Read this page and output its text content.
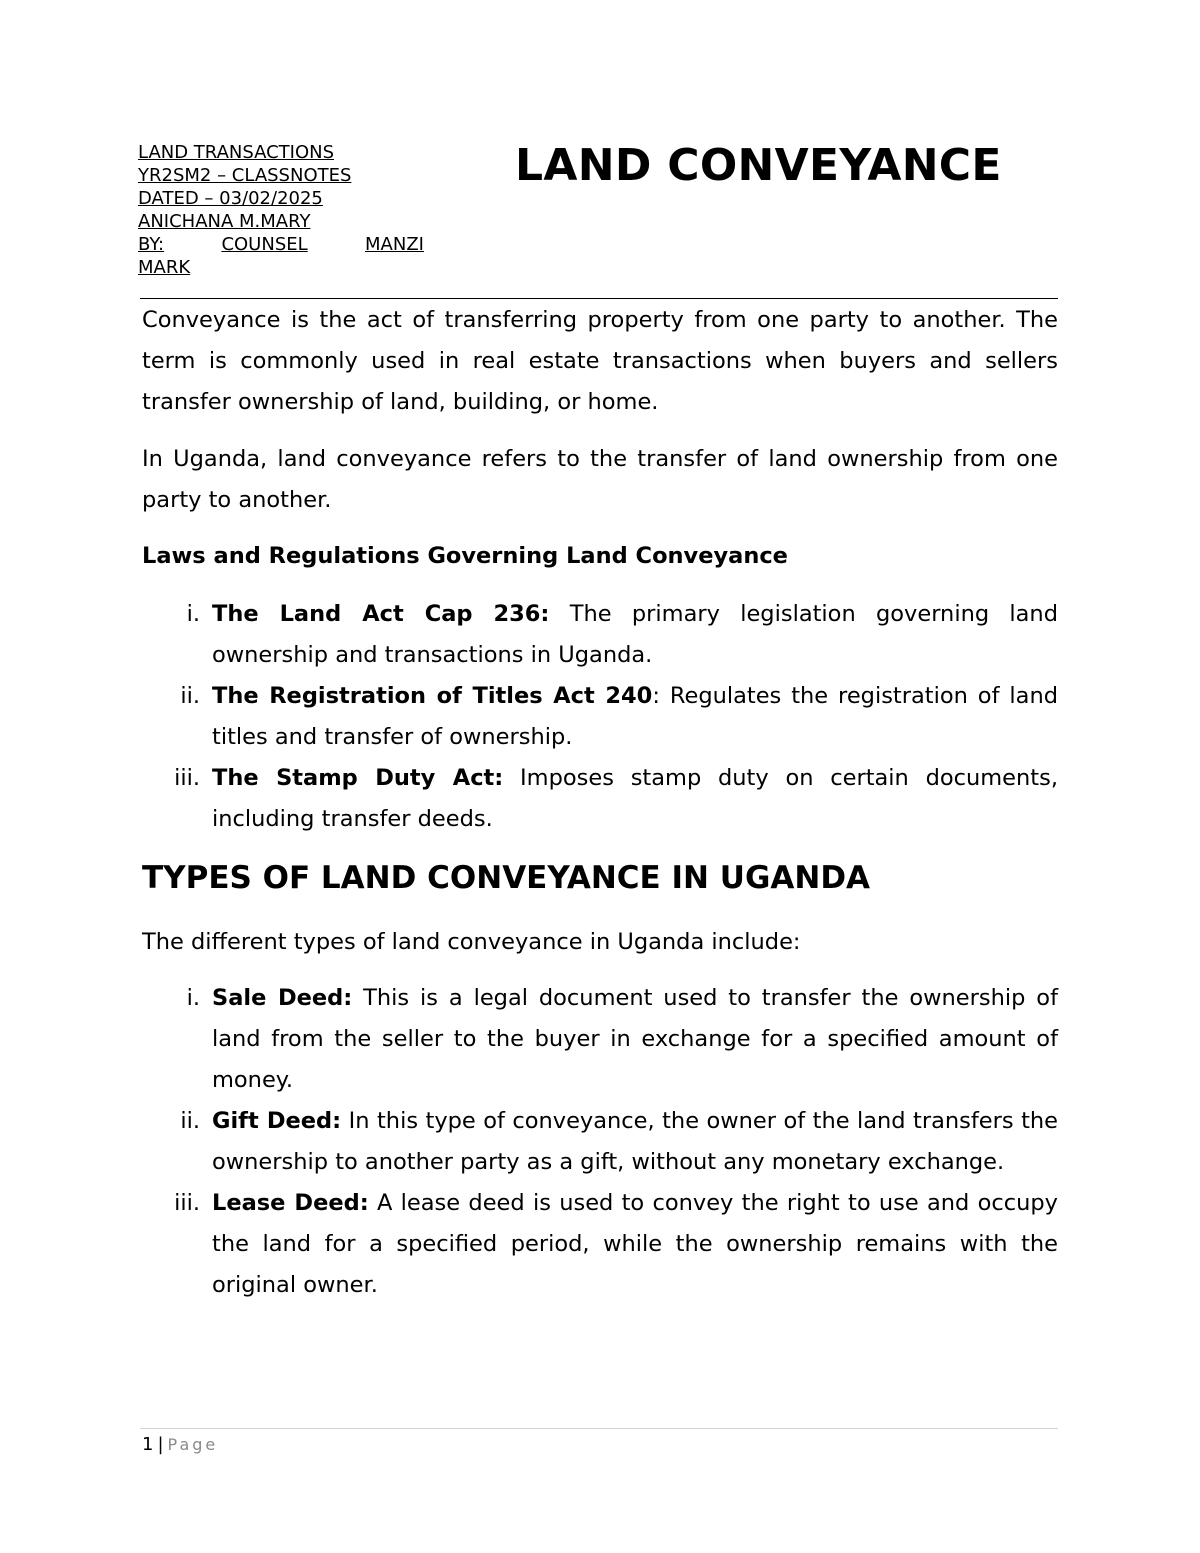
LAND TRANSACTIONS
YR2SM2 – CLASSNOTES
DATED – 03/02/2025
ANICHANA M.MARY
BY:	COUNSEL	MANZI
MARK
LAND CONVEYANCE

Conveyance is the act of transferring property from one party to another. The term is commonly used in real estate transactions when buyers and sellers transfer ownership of land, building, or home.

In Uganda, land conveyance refers to the transfer of land ownership from one party to another.

Laws and Regulations Governing Land Conveyance

i. The Land Act Cap 236: The primary legislation governing land ownership and transactions in Uganda.
ii. The Registration of Titles Act 240: Regulates the registration of land titles and transfer of ownership.
iii. The Stamp Duty Act: Imposes stamp duty on certain documents, including transfer deeds.
TYPES OF LAND CONVEYANCE IN UGANDA

The different types of land conveyance in Uganda include:

i. Sale Deed: This is a legal document used to transfer the ownership of land from the seller to the buyer in exchange for a specified amount of money.
ii. Gift Deed: In this type of conveyance, the owner of the land transfers the ownership to another party as a gift, without any monetary exchange.
iii. Lease Deed: A lease deed is used to convey the right to use and occupy the land for a specified period, while the ownership remains with the original owner.
1 | Page
